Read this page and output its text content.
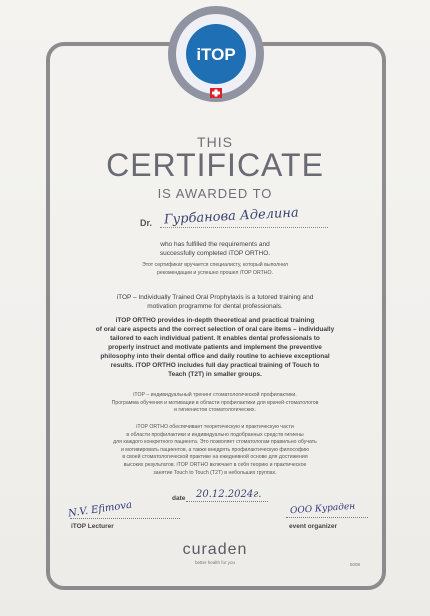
iTOP
THIS
CERTIFICATE
IS AWARDED TO
Dr. Гурбанова Аделина
who has fulfilled the requirements and
successfully completed iTOP ORTHO.
Этот сертификат вручается специалисту, который выполнил
рекомендации и успешно прошел iTOP ORTHO.
iTOP – Individually Trained Oral Prophylaxis is a tutored training and
motivation programme for dental professionals.
iTOP ORTHO provides in-depth theoretical and practical training
of oral care aspects and the correct selection of oral care items – individually
tailored to each individual patient. It enables dental professionals to
properly instruct and motivate patients and implement the preventive
philosophy into their dental office and daily routine to achieve exceptional
results. iTOP ORTHO includes full day practical training of Touch to
Teach (T2T) in smaller groups.
iTOP – индивидуальный тренинг стоматологической профилактики.
Программа обучения и мотивации в области профилактики для врачей-стоматологов
и гигиенистов стоматологических.
iTOP ORTHO обеспечивает теоретическую и практическую части
в области профилактики и индивидуально подобранных средств гигиены
для каждого конкретного пациента. Это позволяет стоматологам правильно обучать
и мотивировать пациентов, а также внедрять профилактическую философию
в своей стоматологической практике на ежедневной основе для достижения
высоких результатов. iTOP ORTHO включает в себя теорию и практическое
занятие Touch to Touch (T2T) в небольших группах.
date 20.12.2024г.
N.V. Efimova
iTOP Lecturer
ООО Кураден
event organizer
curaden
better health for you	5008
